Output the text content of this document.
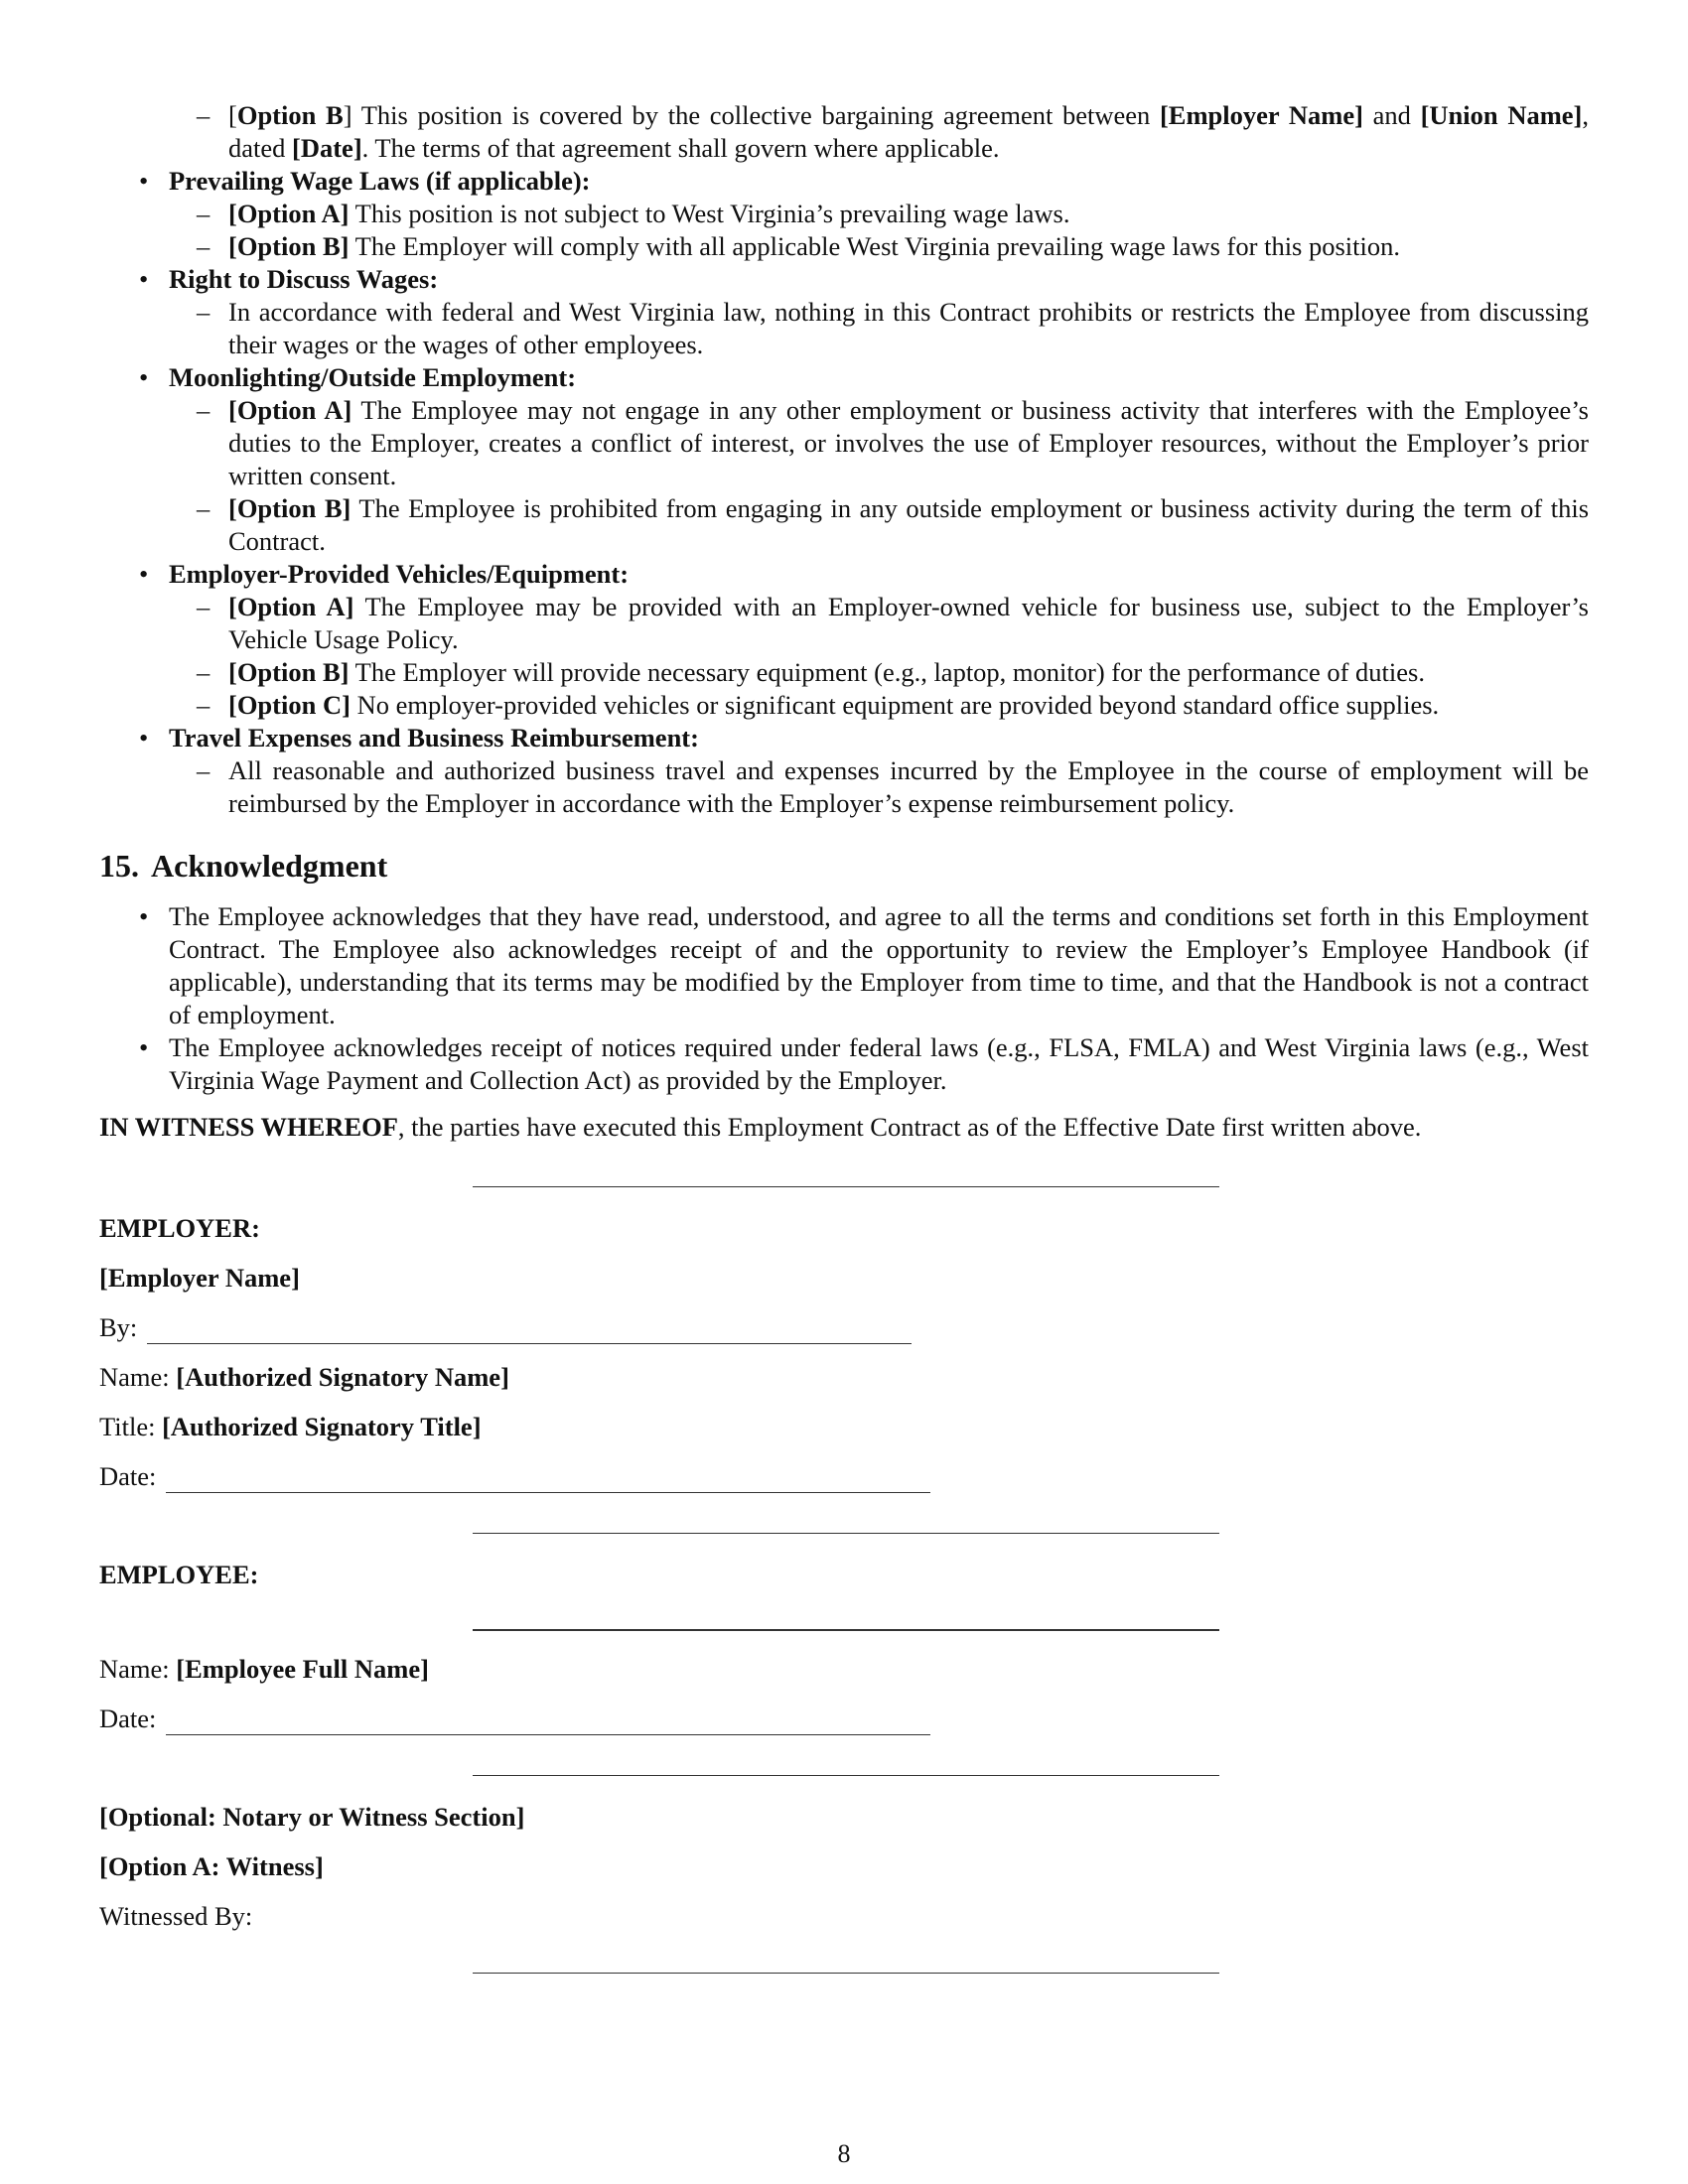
– [Option B] This position is covered by the collective bargaining agreement between [Employer Name] and [Union Name], dated [Date]. The terms of that agreement shall govern where applicable.
• Prevailing Wage Laws (if applicable):
– [Option A] This position is not subject to West Virginia’s prevailing wage laws.
– [Option B] The Employer will comply with all applicable West Virginia prevailing wage laws for this position.
• Right to Discuss Wages:
– In accordance with federal and West Virginia law, nothing in this Contract prohibits or restricts the Employee from discussing their wages or the wages of other employees.
• Moonlighting/Outside Employment:
– [Option A] The Employee may not engage in any other employment or business activity that interferes with the Employee’s duties to the Employer, creates a conflict of interest, or involves the use of Employer resources, without the Employer’s prior written consent.
– [Option B] The Employee is prohibited from engaging in any outside employment or business activity during the term of this Contract.
• Employer-Provided Vehicles/Equipment:
– [Option A] The Employee may be provided with an Employer-owned vehicle for business use, subject to the Employer’s Vehicle Usage Policy.
– [Option B] The Employer will provide necessary equipment (e.g., laptop, monitor) for the performance of duties.
– [Option C] No employer-provided vehicles or significant equipment are provided beyond standard office supplies.
• Travel Expenses and Business Reimbursement:
– All reasonable and authorized business travel and expenses incurred by the Employee in the course of employment will be reimbursed by the Employer in accordance with the Employer’s expense reimbursement policy.
15. Acknowledgment
• The Employee acknowledges that they have read, understood, and agree to all the terms and conditions set forth in this Employment Contract. The Employee also acknowledges receipt of and the opportunity to review the Employer’s Employee Handbook (if applicable), understanding that its terms may be modified by the Employer from time to time, and that the Handbook is not a contract of employment.
• The Employee acknowledges receipt of notices required under federal laws (e.g., FLSA, FMLA) and West Virginia laws (e.g., West Virginia Wage Payment and Collection Act) as provided by the Employer.

IN WITNESS WHEREOF, the parties have executed this Employment Contract as of the Effective Date first written above.

EMPLOYER:

[Employer Name]

By:

Name: [Authorized Signatory Name]

Title: [Authorized Signatory Title]

Date:

EMPLOYEE:

Name: [Employee Full Name]

Date:

[Optional: Notary or Witness Section]

[Option A: Witness]

Witnessed By:

8
